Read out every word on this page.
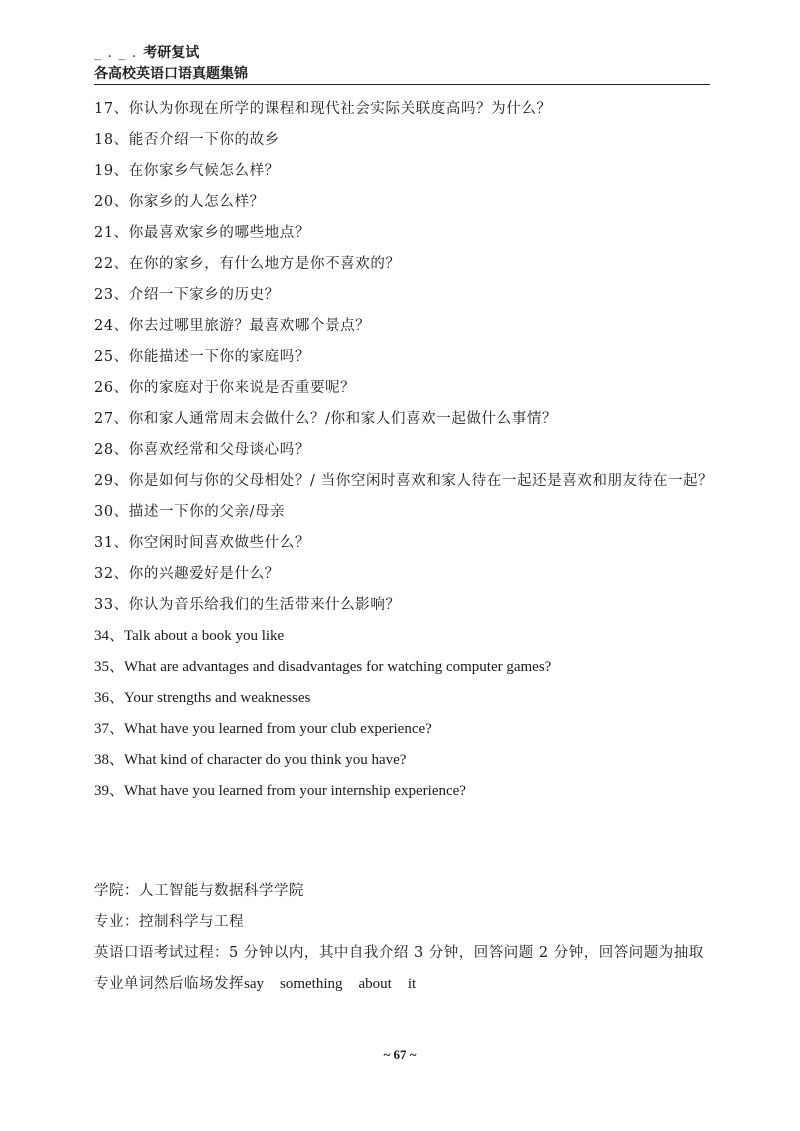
_ . _ . 考研复试
各高校英语口语真题集锦
17、你认为你现在所学的课程和现代社会实际关联度高吗？为什么？
18、能否介绍一下你的故乡
19、在你家乡气候怎么样？
20、你家乡的人怎么样？
21、你最喜欢家乡的哪些地点？
22、在你的家乡，有什么地方是你不喜欢的？
23、介绍一下家乡的历史？
24、你去过哪里旅游？最喜欢哪个景点？
25、你能描述一下你的家庭吗？
26、你的家庭对于你来说是否重要呢？
27、你和家人通常周末会做什么？/你和家人们喜欢一起做什么事情？
28、你喜欢经常和父母谈心吗？
29、你是如何与你的父母相处？/ 当你空闲时喜欢和家人待在一起还是喜欢和朋友待在一起？
30、描述一下你的父亲/母亲
31、你空闲时间喜欢做些什么？
32、你的兴趣爱好是什么？
33、你认为音乐给我们的生活带来什么影响？
34、Talk about a book you like
35、What are advantages and disadvantages for watching computer games?
36、Your strengths and weaknesses
37、What have you learned from your club experience?
38、What kind of character do you think you have?
39、What have you learned from your internship experience?
学院：人工智能与数据科学学院
专业：控制科学与工程
英语口语考试过程：5 分钟以内，其中自我介绍 3 分钟，回答问题 2 分钟，回答问题为抽取专业单词然后临场发挥say something about it
~ 67 ~
